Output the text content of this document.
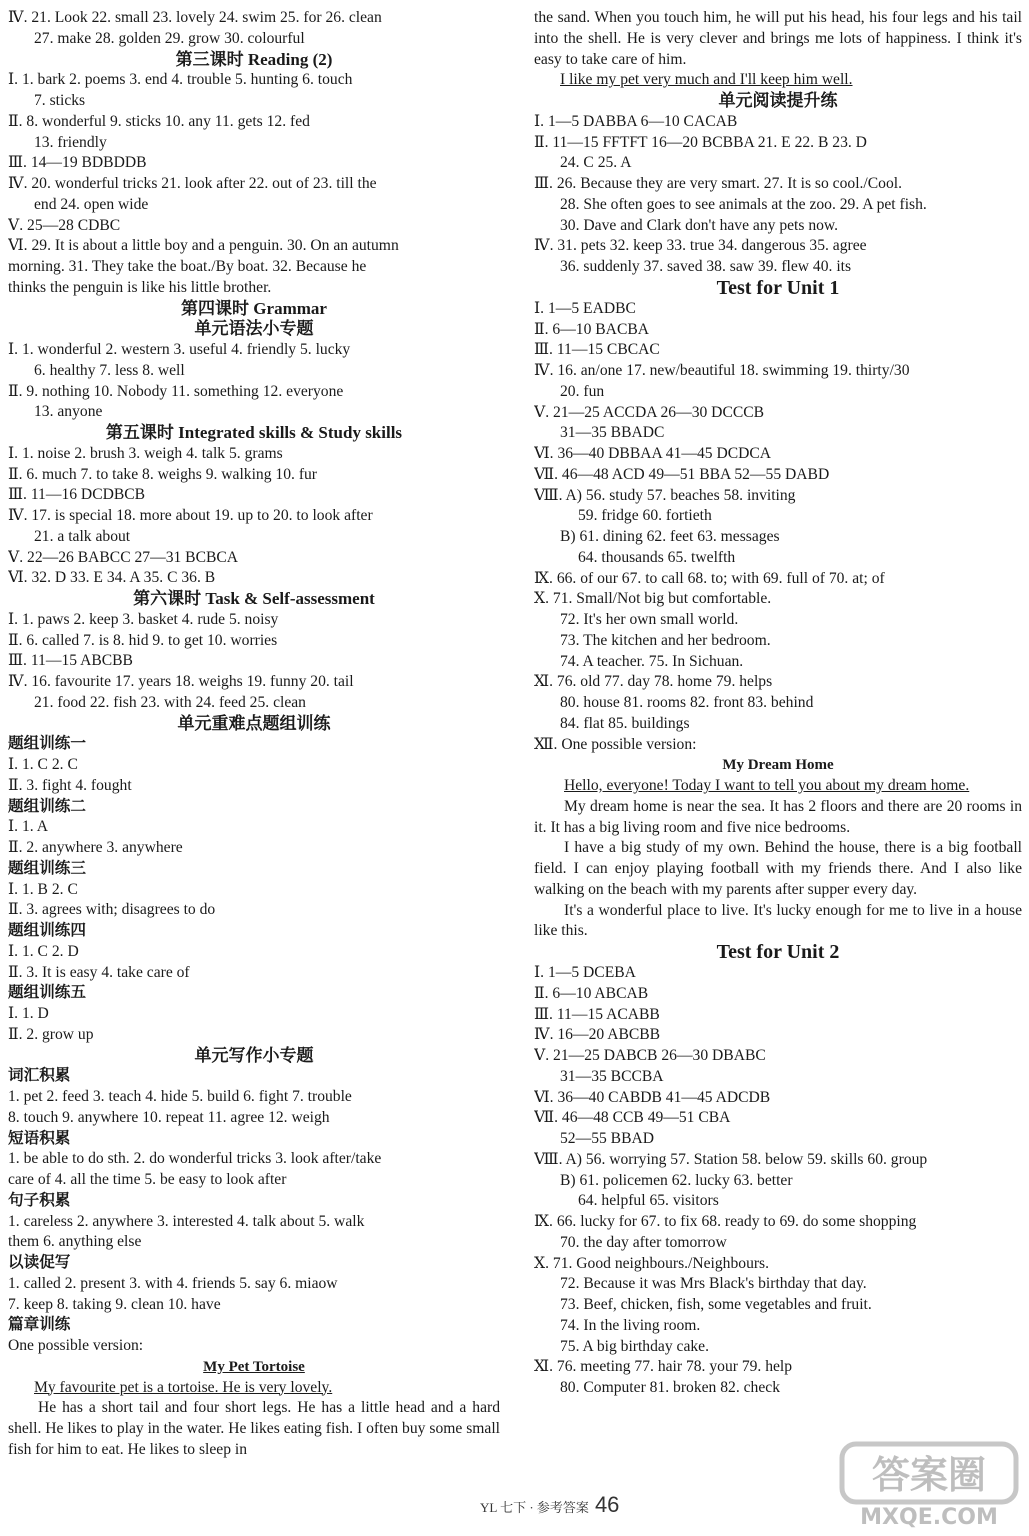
Ⅳ. 21. Look 22. small 23. lovely 24. swim 25. for 26. clean
27. make 28. golden 29. grow 30. colourful
第三课时 Reading (2)
Ⅰ. 1. bark 2. poems 3. end 4. trouble 5. hunting 6. touch
7. sticks
Ⅱ. 8. wonderful 9. sticks 10. any 11. gets 12. fed
13. friendly
Ⅲ. 14—19 BDBDDB
Ⅳ. 20. wonderful tricks 21. look after 22. out of 23. till the
end 24. open wide
Ⅴ. 25—28 CDBC
Ⅵ. 29. It is about a little boy and a penguin. 30. On an autumn
morning. 31. They take the boat./By boat. 32. Because he
thinks the penguin is like his little brother.
第四课时 Grammar
单元语法小专题
Ⅰ. 1. wonderful 2. western 3. useful 4. friendly 5. lucky
6. healthy 7. less 8. well
Ⅱ. 9. nothing 10. Nobody 11. something 12. everyone
13. anyone
第五课时 Integrated skills & Study skills
Ⅰ. 1. noise 2. brush 3. weigh 4. talk 5. grams
Ⅱ. 6. much 7. to take 8. weighs 9. walking 10. fur
Ⅲ. 11—16 DCDBCB
Ⅳ. 17. is special 18. more about 19. up to 20. to look after
21. a talk about
Ⅴ. 22—26 BABCC 27—31 BCBCA
Ⅵ. 32. D 33. E 34. A 35. C 36. B
第六课时 Task & Self-assessment
Ⅰ. 1. paws 2. keep 3. basket 4. rude 5. noisy
Ⅱ. 6. called 7. is 8. hid 9. to get 10. worries
Ⅲ. 11—15 ABCBB
Ⅳ. 16. favourite 17. years 18. weighs 19. funny 20. tail
21. food 22. fish 23. with 24. feed 25. clean
单元重难点题组训练
题组训练一
Ⅰ. 1. C 2. C
Ⅱ. 3. fight 4. fought
题组训练二
Ⅰ. 1. A
Ⅱ. 2. anywhere 3. anywhere
题组训练三
Ⅰ. 1. B 2. C
Ⅱ. 3. agrees with; disagrees to do
题组训练四
Ⅰ. 1. C 2. D
Ⅱ. 3. It is easy 4. take care of
题组训练五
Ⅰ. 1. D
Ⅱ. 2. grow up
单元写作小专题
词汇积累
1. pet 2. feed 3. teach 4. hide 5. build 6. fight 7. trouble
8. touch 9. anywhere 10. repeat 11. agree 12. weigh
短语积累
1. be able to do sth. 2. do wonderful tricks 3. look after/take
care of 4. all the time 5. be easy to look after
句子积累
1. careless 2. anywhere 3. interested 4. talk about 5. walk
them 6. anything else
以读促写
1. called 2. present 3. with 4. friends 5. say 6. miaow
7. keep 8. taking 9. clean 10. have
篇章训练
One possible version:
My Pet Tortoise
My favourite pet is a tortoise. He is very lovely.
He has a short tail and four short legs. He has a little head and a hard shell. He likes to play in the water. He likes eating fish. I often buy some small fish for him to eat. He likes to sleep in
the sand. When you touch him, he will put his head, his four legs and his tail into the shell. He is very clever and brings me lots of happiness. I think it's easy to take care of him.
I like my pet very much and I'll keep him well.
单元阅读提升练
Ⅰ. 1—5 DABBA 6—10 CACAB
Ⅱ. 11—15 FFTFT 16—20 BCBBA 21. E 22. B 23. D
24. C 25. A
Ⅲ. 26. Because they are very smart. 27. It is so cool./Cool.
28. She often goes to see animals at the zoo. 29. A pet fish.
30. Dave and Clark don't have any pets now.
Ⅳ. 31. pets 32. keep 33. true 34. dangerous 35. agree
36. suddenly 37. saved 38. saw 39. flew 40. its
Test for Unit 1
Ⅰ. 1—5 EADBC
Ⅱ. 6—10 BACBA
Ⅲ. 11—15 CBCAC
Ⅳ. 16. an/one 17. new/beautiful 18. swimming 19. thirty/30
20. fun
Ⅴ. 21—25 ACCDA 26—30 DCCCB
31—35 BBADC
Ⅵ. 36—40 DBBAA 41—45 DCDCA
Ⅶ. 46—48 ACD 49—51 BBA 52—55 DABD
Ⅷ. A) 56. study 57. beaches 58. inviting
59. fridge 60. fortieth
B) 61. dining 62. feet 63. messages
64. thousands 65. twelfth
Ⅸ. 66. of our 67. to call 68. to; with 69. full of 70. at; of
Ⅹ. 71. Small/Not big but comfortable.
72. It's her own small world.
73. The kitchen and her bedroom.
74. A teacher. 75. In Sichuan.
Ⅺ. 76. old 77. day 78. home 79. helps
80. house 81. rooms 82. front 83. behind
84. flat 85. buildings
Ⅻ. One possible version:
My Dream Home
Hello, everyone! Today I want to tell you about my dream home.
My dream home is near the sea. It has 2 floors and there are 20 rooms in it. It has a big living room and five nice bedrooms.
I have a big study of my own. Behind the house, there is a big football field. I can enjoy playing football with my friends there. And I also like walking on the beach with my parents after supper every day.
It's a wonderful place to live. It's lucky enough for me to live in a house like this.
Test for Unit 2
Ⅰ. 1—5 DCEBA
Ⅱ. 6—10 ABCAB
Ⅲ. 11—15 ACABB
Ⅳ. 16—20 ABCBB
Ⅴ. 21—25 DABCB 26—30 DBABC
31—35 BCCBA
Ⅵ. 36—40 CABDB 41—45 ADCDB
Ⅶ. 46—48 CCB 49—51 CBA
52—55 BBAD
Ⅷ. A) 56. worrying 57. Station 58. below 59. skills 60. group
B) 61. policemen 62. lucky 63. better
64. helpful 65. visitors
Ⅸ. 66. lucky for 67. to fix 68. ready to 69. do some shopping
70. the day after tomorrow
Ⅹ. 71. Good neighbours./Neighbours.
72. Because it was Mrs Black's birthday that day.
73. Beef, chicken, fish, some vegetables and fruit.
74. In the living room.
75. A big birthday cake.
Ⅺ. 76. meeting 77. hair 78. your 79. help
80. Computer 81. broken 82. check
YL 七下 · 参考答案 46
答案圈
MXQE.COM
